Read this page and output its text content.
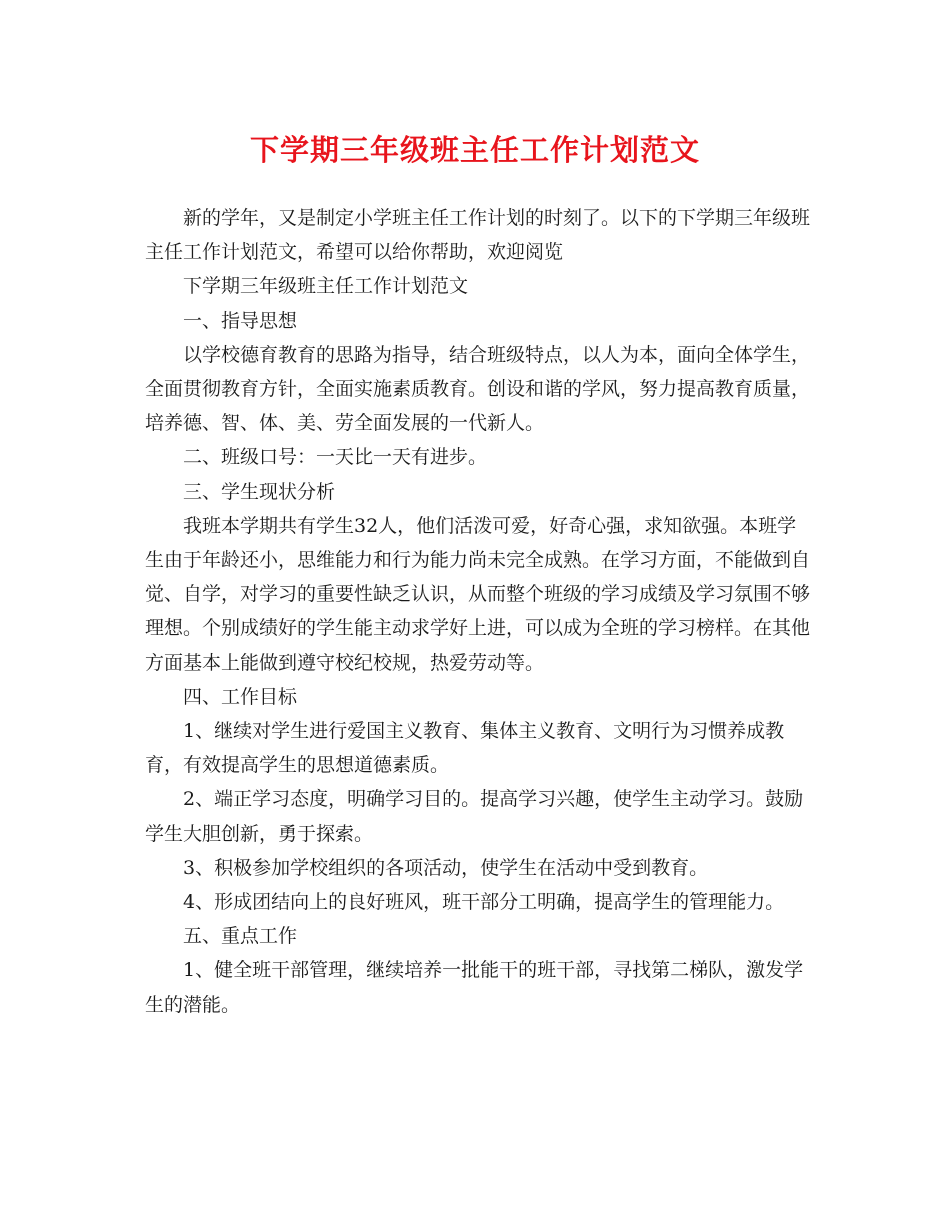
下学期三年级班主任工作计划范文

新的学年，又是制定小学班主任工作计划的时刻了。以下的下学期三年级班主任工作计划范文，希望可以给你帮助，欢迎阅览

下学期三年级班主任工作计划范文

一、指导思想

以学校德育教育的思路为指导，结合班级特点，以人为本，面向全体学生，全面贯彻教育方针，全面实施素质教育。创设和谐的学风，努力提高教育质量，培养德、智、体、美、劳全面发展的一代新人。

二、班级口号：一天比一天有进步。

三、学生现状分析

我班本学期共有学生32人，他们活泼可爱，好奇心强，求知欲强。本班学生由于年龄还小，思维能力和行为能力尚未完全成熟。在学习方面，不能做到自觉、自学，对学习的重要性缺乏认识，从而整个班级的学习成绩及学习氛围不够理想。个别成绩好的学生能主动求学好上进，可以成为全班的学习榜样。在其他方面基本上能做到遵守校纪校规，热爱劳动等。

四、工作目标

1、继续对学生进行爱国主义教育、集体主义教育、文明行为习惯养成教育，有效提高学生的思想道德素质。

2、端正学习态度，明确学习目的。提高学习兴趣，使学生主动学习。鼓励学生大胆创新，勇于探索。

3、积极参加学校组织的各项活动，使学生在活动中受到教育。

4、形成团结向上的良好班风，班干部分工明确，提高学生的管理能力。

五、重点工作

1、健全班干部管理，继续培养一批能干的班干部，寻找第二梯队，激发学生的潜能。
